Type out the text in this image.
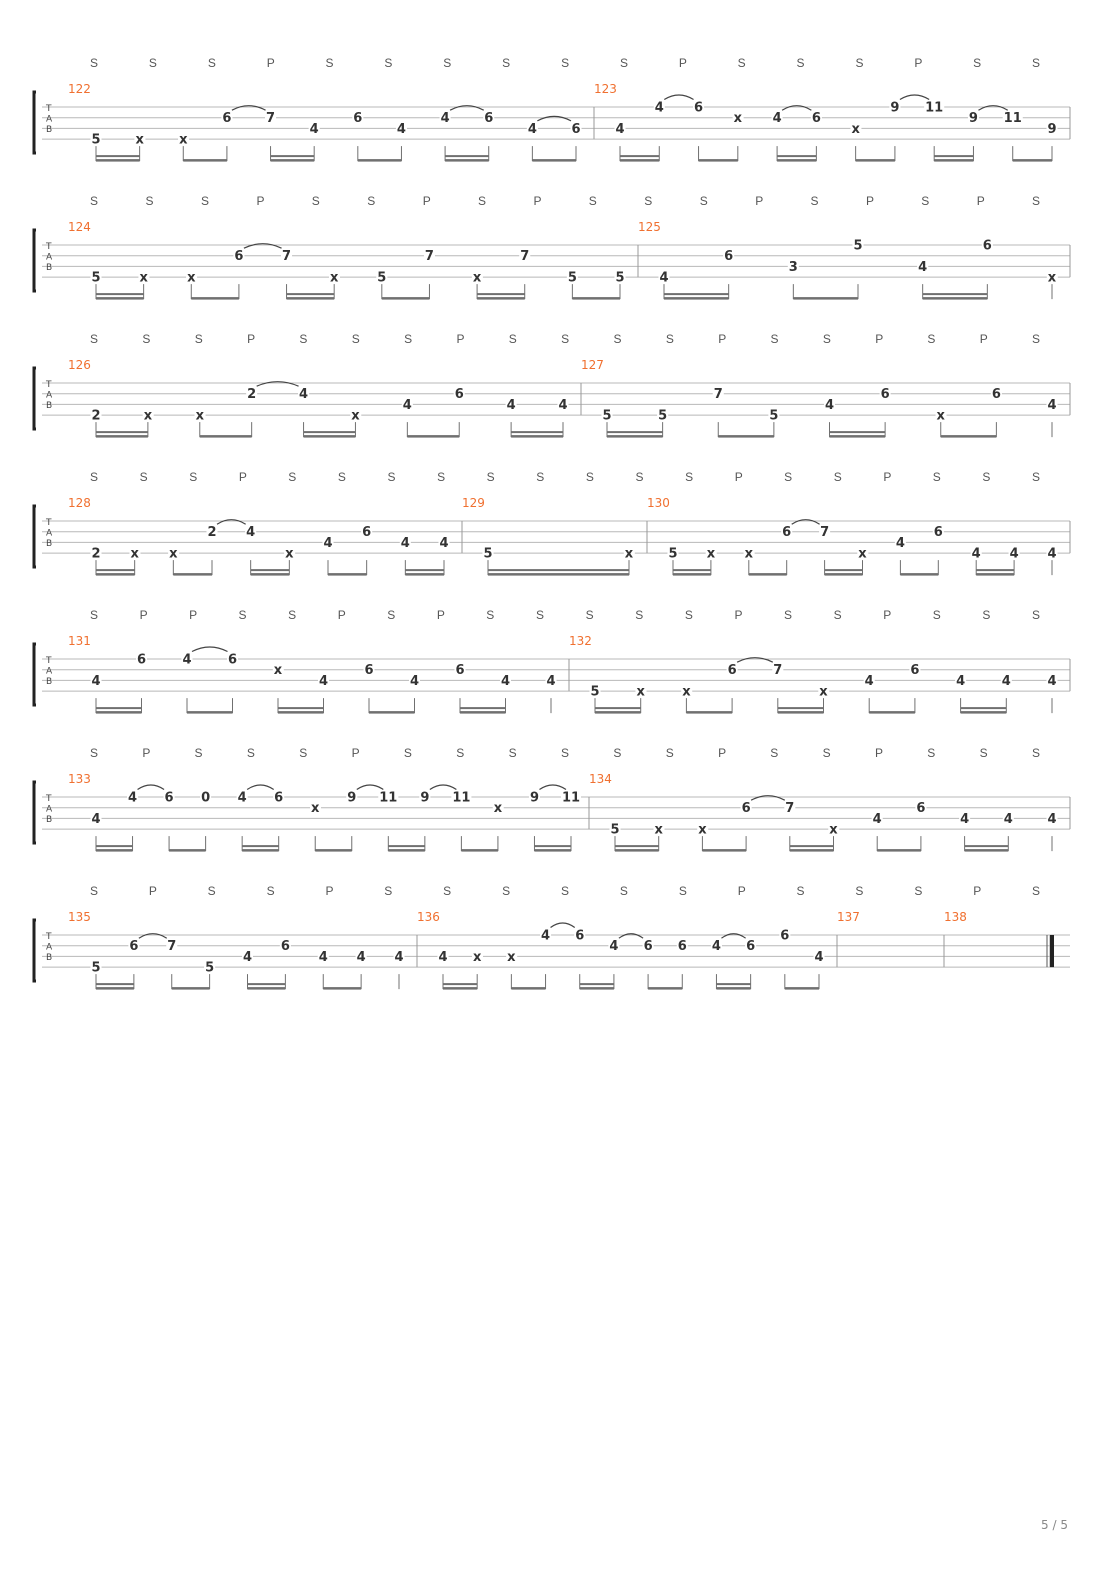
S S S P S S S S S S P S S S P S S
T
A
B
122
5	x	x
6	7
4
6
4
4	6
4	6
123
4
4 6
x 4 6
x
9 11
9 11
9
S S S P S S P S P S S S P S P S P S
T
A
B
124
5	x	x
6	7
x	5
7
x
7
5	5
125
4
6
3
5
4
6
x
S S S P S S S P S S S S P S S P S P S
T
A
B
126
2	x	x
2	4
x
4
6
4	4
127
5	5
7
5
4
6
x
6
4
S S S P S S S S S S S S S P S S P S S S
T
A
B
128
2 x x
2 4
x
4
6
4 4
129
5	x
130
5 x x
6 7
x
4
6
4 4 4
S P P S S P S P S S S S S P S S P S S S
T
A
B
131
4
6	4	6
x
4
6
4
6
4	4
132
5	x	x
6	7
x
4
6
4	4	4
S P S S S P S S S S S S P S S P S S S
T
A
B
133
4
4 6 0 4 6
x
9 11 9 11
x
9 11
134
5	x	x
6	7
x
4
6
4	4	4
S P S S P S S S S S S P S S S P S
T
A
B
135
5
6 7
5
4
6
4 4 4
136
4 x x
4 6
4 6 6 4 6
6
4
137	138
5 / 5
